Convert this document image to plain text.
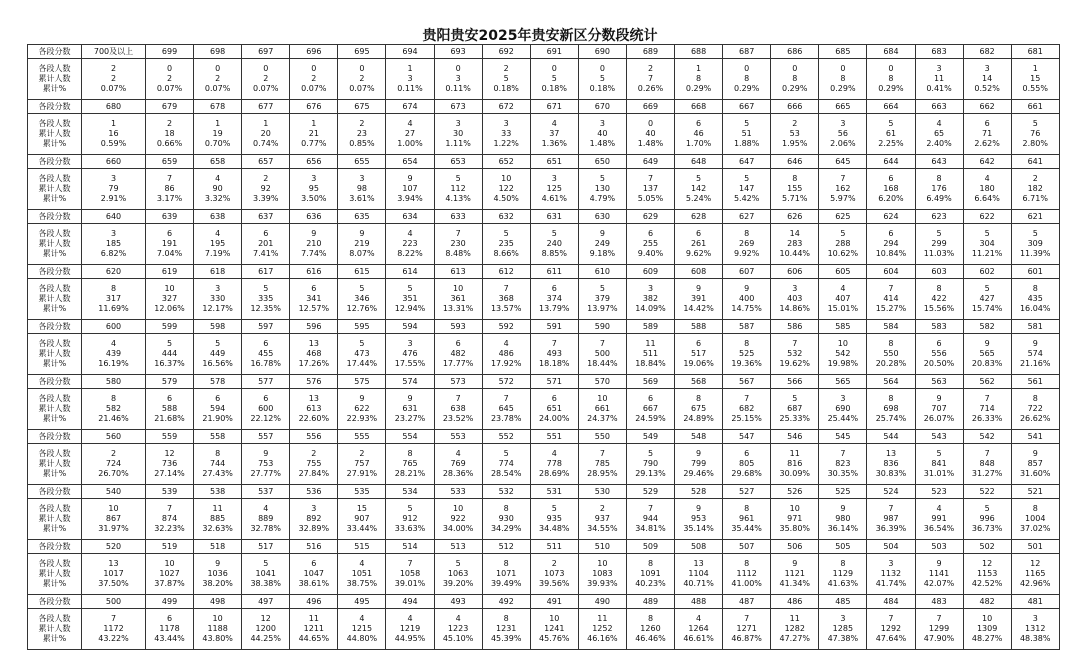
贵阳贵安2025年贵安新区分数段统计
各段分数	700及以上	699	698	697	696	695	694	693	692	691	690	689	688	687	686	685	684	683	682	681

各段人数
累计人数
累计%	2
2
0.07%	0
2
0.07%	0
2
0.07%	0
2
0.07%	0
2
0.07%	0
2
0.07%	1
3
0.11%	0
3
0.11%	2
5
0.18%	0
5
0.18%	0
5
0.18%	2
7
0.26%	1
8
0.29%	0
8
0.29%	0
8
0.29%	0
8
0.29%	0
8
0.29%	3
11
0.41%	3
14
0.52%	1
15
0.55%

各段分数	680	679	678	677	676	675	674	673	672	671	670	669	668	667	666	665	664	663	662	661

各段人数
累计人数
累计%	1
16
0.59%	2
18
0.66%	1
19
0.70%	1
20
0.74%	1
21
0.77%	2
23
0.85%	4
27
1.00%	3
30
1.11%	3
33
1.22%	4
37
1.36%	3
40
1.48%	0
40
1.48%	6
46
1.70%	5
51
1.88%	2
53
1.95%	3
56
2.06%	5
61
2.25%	4
65
2.40%	6
71
2.62%	5
76
2.80%

各段分数	660	659	658	657	656	655	654	653	652	651	650	649	648	647	646	645	644	643	642	641

各段人数
累计人数
累计%	3
79
2.91%	7
86
3.17%	4
90
3.32%	2
92
3.39%	3
95
3.50%	3
98
3.61%	9
107
3.94%	5
112
4.13%	10
122
4.50%	3
125
4.61%	5
130
4.79%	7
137
5.05%	5
142
5.24%	5
147
5.42%	8
155
5.71%	7
162
5.97%	6
168
6.20%	8
176
6.49%	4
180
6.64%	2
182
6.71%

各段分数	640	639	638	637	636	635	634	633	632	631	630	629	628	627	626	625	624	623	622	621

各段人数
累计人数
累计%	3
185
6.82%	6
191
7.04%	4
195
7.19%	6
201
7.41%	9
210
7.74%	9
219
8.07%	4
223
8.22%	7
230
8.48%	5
235
8.66%	5
240
8.85%	9
249
9.18%	6
255
9.40%	6
261
9.62%	8
269
9.92%	14
283
10.44%	5
288
10.62%	6
294
10.84%	5
299
11.03%	5
304
11.21%	5
309
11.39%

各段分数	620	619	618	617	616	615	614	613	612	611	610	609	608	607	606	605	604	603	602	601

各段人数
累计人数
累计%	8
317
11.69%	10
327
12.06%	3
330
12.17%	5
335
12.35%	6
341
12.57%	5
346
12.76%	5
351
12.94%	10
361
13.31%	7
368
13.57%	6
374
13.79%	5
379
13.97%	3
382
14.09%	9
391
14.42%	9
400
14.75%	3
403
14.86%	4
407
15.01%	7
414
15.27%	8
422
15.56%	5
427
15.74%	8
435
16.04%

各段分数	600	599	598	597	596	595	594	593	592	591	590	589	588	587	586	585	584	583	582	581

各段人数
累计人数
累计%	4
439
16.19%	5
444
16.37%	5
449
16.56%	6
455
16.78%	13
468
17.26%	5
473
17.44%	3
476
17.55%	6
482
17.77%	4
486
17.92%	7
493
18.18%	7
500
18.44%	11
511
18.84%	6
517
19.06%	8
525
19.36%	7
532
19.62%	10
542
19.98%	8
550
20.28%	6
556
20.50%	9
565
20.83%	9
574
21.16%

各段分数	580	579	578	577	576	575	574	573	572	571	570	569	568	567	566	565	564	563	562	561

各段人数
累计人数
累计%	8
582
21.46%	6
588
21.68%	6
594
21.90%	6
600
22.12%	13
613
22.60%	9
622
22.93%	9
631
23.27%	7
638
23.52%	7
645
23.78%	6
651
24.00%	10
661
24.37%	6
667
24.59%	8
675
24.89%	7
682
25.15%	5
687
25.33%	3
690
25.44%	8
698
25.74%	9
707
26.07%	7
714
26.33%	8
722
26.62%

各段分数	560	559	558	557	556	555	554	553	552	551	550	549	548	547	546	545	544	543	542	541

各段人数
累计人数
累计%	2
724
26.70%	12
736
27.14%	8
744
27.43%	9
753
27.77%	2
755
27.84%	2
757
27.91%	8
765
28.21%	4
769
28.36%	5
774
28.54%	4
778
28.69%	7
785
28.95%	5
790
29.13%	9
799
29.46%	6
805
29.68%	11
816
30.09%	7
823
30.35%	13
836
30.83%	5
841
31.01%	7
848
31.27%	9
857
31.60%

各段分数	540	539	538	537	536	535	534	533	532	531	530	529	528	527	526	525	524	523	522	521

各段人数
累计人数
累计%	10
867
31.97%	7
874
32.23%	11
885
32.63%	4
889
32.78%	3
892
32.89%	15
907
33.44%	5
912
33.63%	10
922
34.00%	8
930
34.29%	5
935
34.48%	2
937
34.55%	7
944
34.81%	9
953
35.14%	8
961
35.44%	10
971
35.80%	9
980
36.14%	7
987
36.39%	4
991
36.54%	5
996
36.73%	8
1004
37.02%

各段分数	520	519	518	517	516	515	514	513	512	511	510	509	508	507	506	505	504	503	502	501

各段人数
累计人数
累计%	13
1017
37.50%	10
1027
37.87%	9
1036
38.20%	5
1041
38.38%	6
1047
38.61%	4
1051
38.75%	7
1058
39.01%	5
1063
39.20%	8
1071
39.49%	2
1073
39.56%	10
1083
39.93%	8
1091
40.23%	13
1104
40.71%	8
1112
41.00%	9
1121
41.34%	8
1129
41.63%	3
1132
41.74%	9
1141
42.07%	12
1153
42.52%	12
1165
42.96%

各段分数	500	499	498	497	496	495	494	493	492	491	490	489	488	487	486	485	484	483	482	481

各段人数
累计人数
累计%	7
1172
43.22%	6
1178
43.44%	10
1188
43.80%	12
1200
44.25%	11
1211
44.65%	4
1215
44.80%	4
1219
44.95%	4
1223
45.10%	8
1231
45.39%	10
1241
45.76%	11
1252
46.16%	8
1260
46.46%	4
1264
46.61%	7
1271
46.87%	11
1282
47.27%	3
1285
47.38%	7
1292
47.64%	7
1299
47.90%	10
1309
48.27%	3
1312
48.38%
